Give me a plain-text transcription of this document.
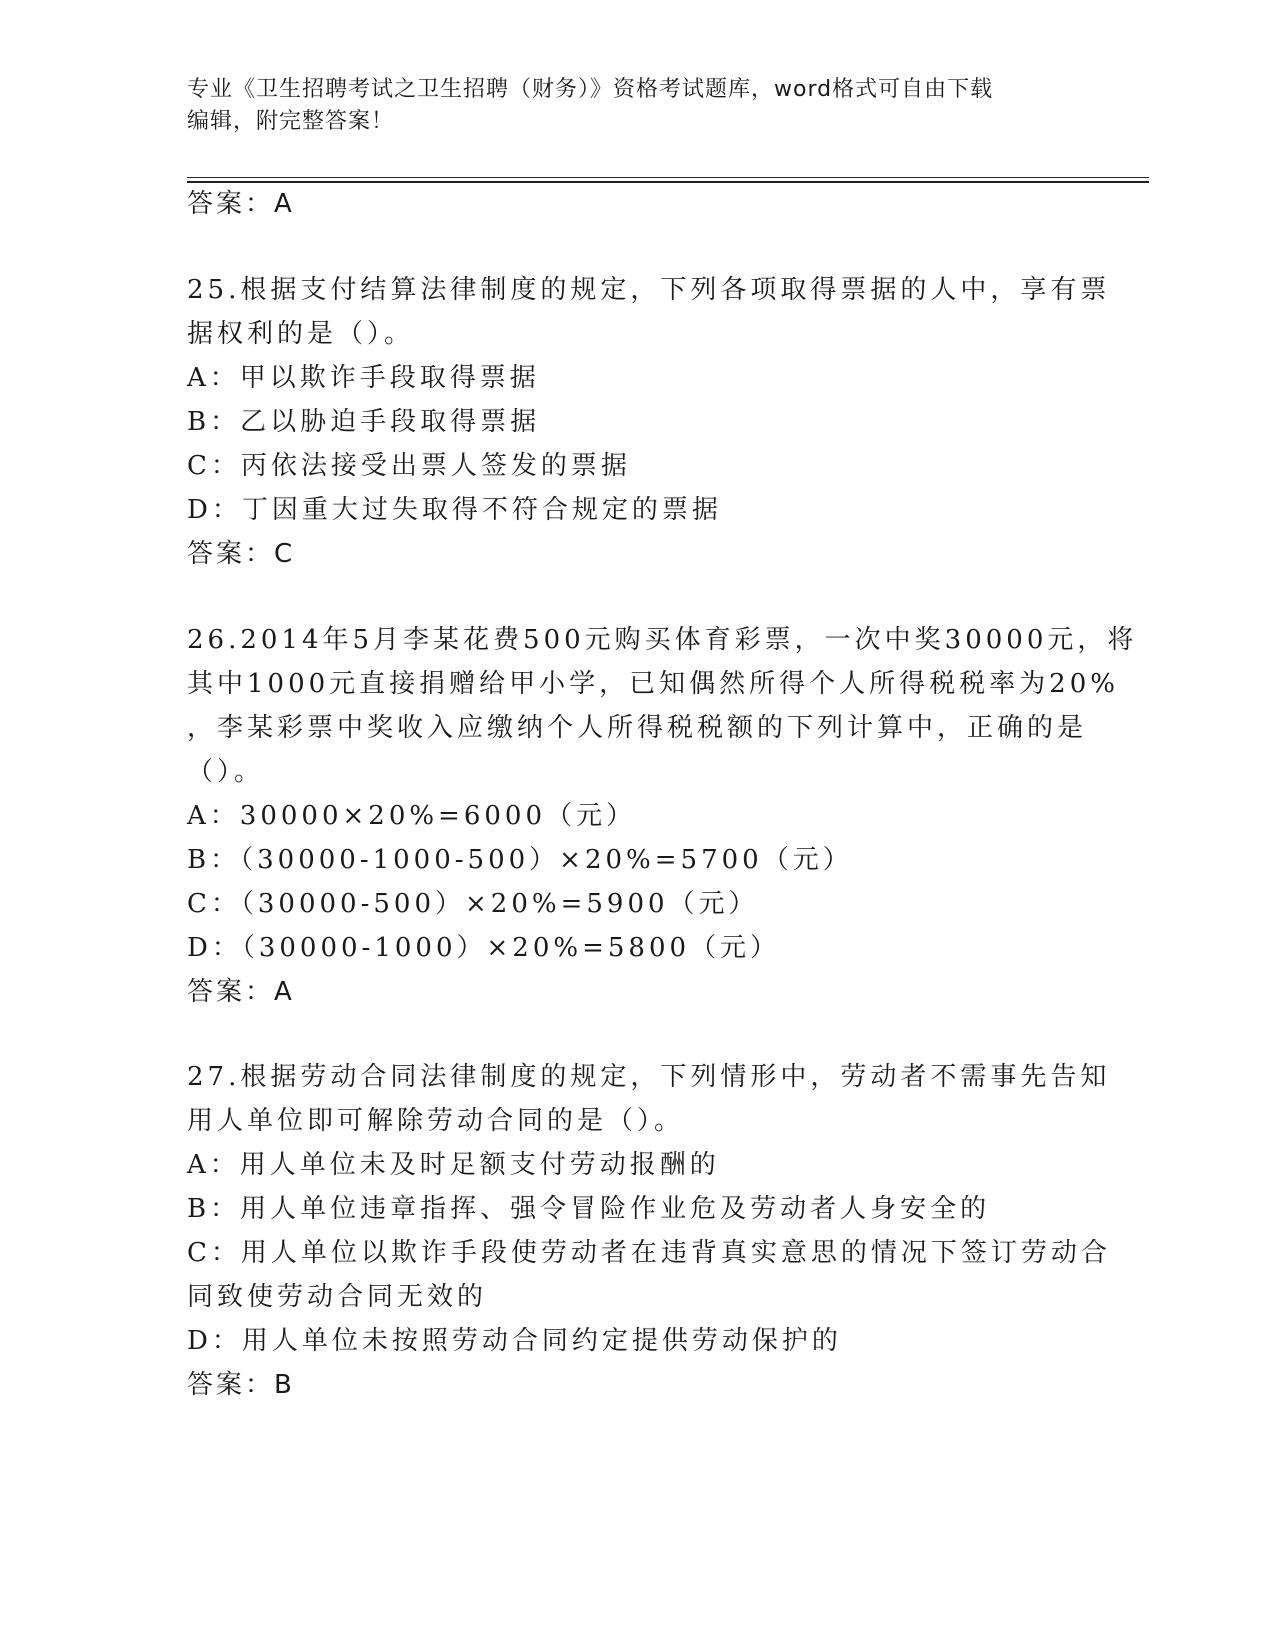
专业《卫生招聘考试之卫生招聘（财务）》资格考试题库，word格式可自由下载
编辑，附完整答案！
答案：A
25.根据支付结算法律制度的规定，下列各项取得票据的人中，享有票
据权利的是（）。
A：甲以欺诈手段取得票据
B：乙以胁迫手段取得票据
C：丙依法接受出票人签发的票据
D：丁因重大过失取得不符合规定的票据
答案：C
26.2014年5月李某花费500元购买体育彩票，一次中奖30000元，将
其中1000元直接捐赠给甲小学，已知偶然所得个人所得税税率为20%
，李某彩票中奖收入应缴纳个人所得税税额的下列计算中，正确的是
（）。
A：30000×20%=6000（元）
B：（30000-1000-500）×20%=5700（元）
C：（30000-500）×20%=5900（元）
D：（30000-1000）×20%=5800（元）
答案：A
27.根据劳动合同法律制度的规定，下列情形中，劳动者不需事先告知
用人单位即可解除劳动合同的是（）。
A：用人单位未及时足额支付劳动报酬的
B：用人单位违章指挥、强令冒险作业危及劳动者人身安全的
C：用人单位以欺诈手段使劳动者在违背真实意思的情况下签订劳动合
同致使劳动合同无效的
D：用人单位未按照劳动合同约定提供劳动保护的
答案：B
